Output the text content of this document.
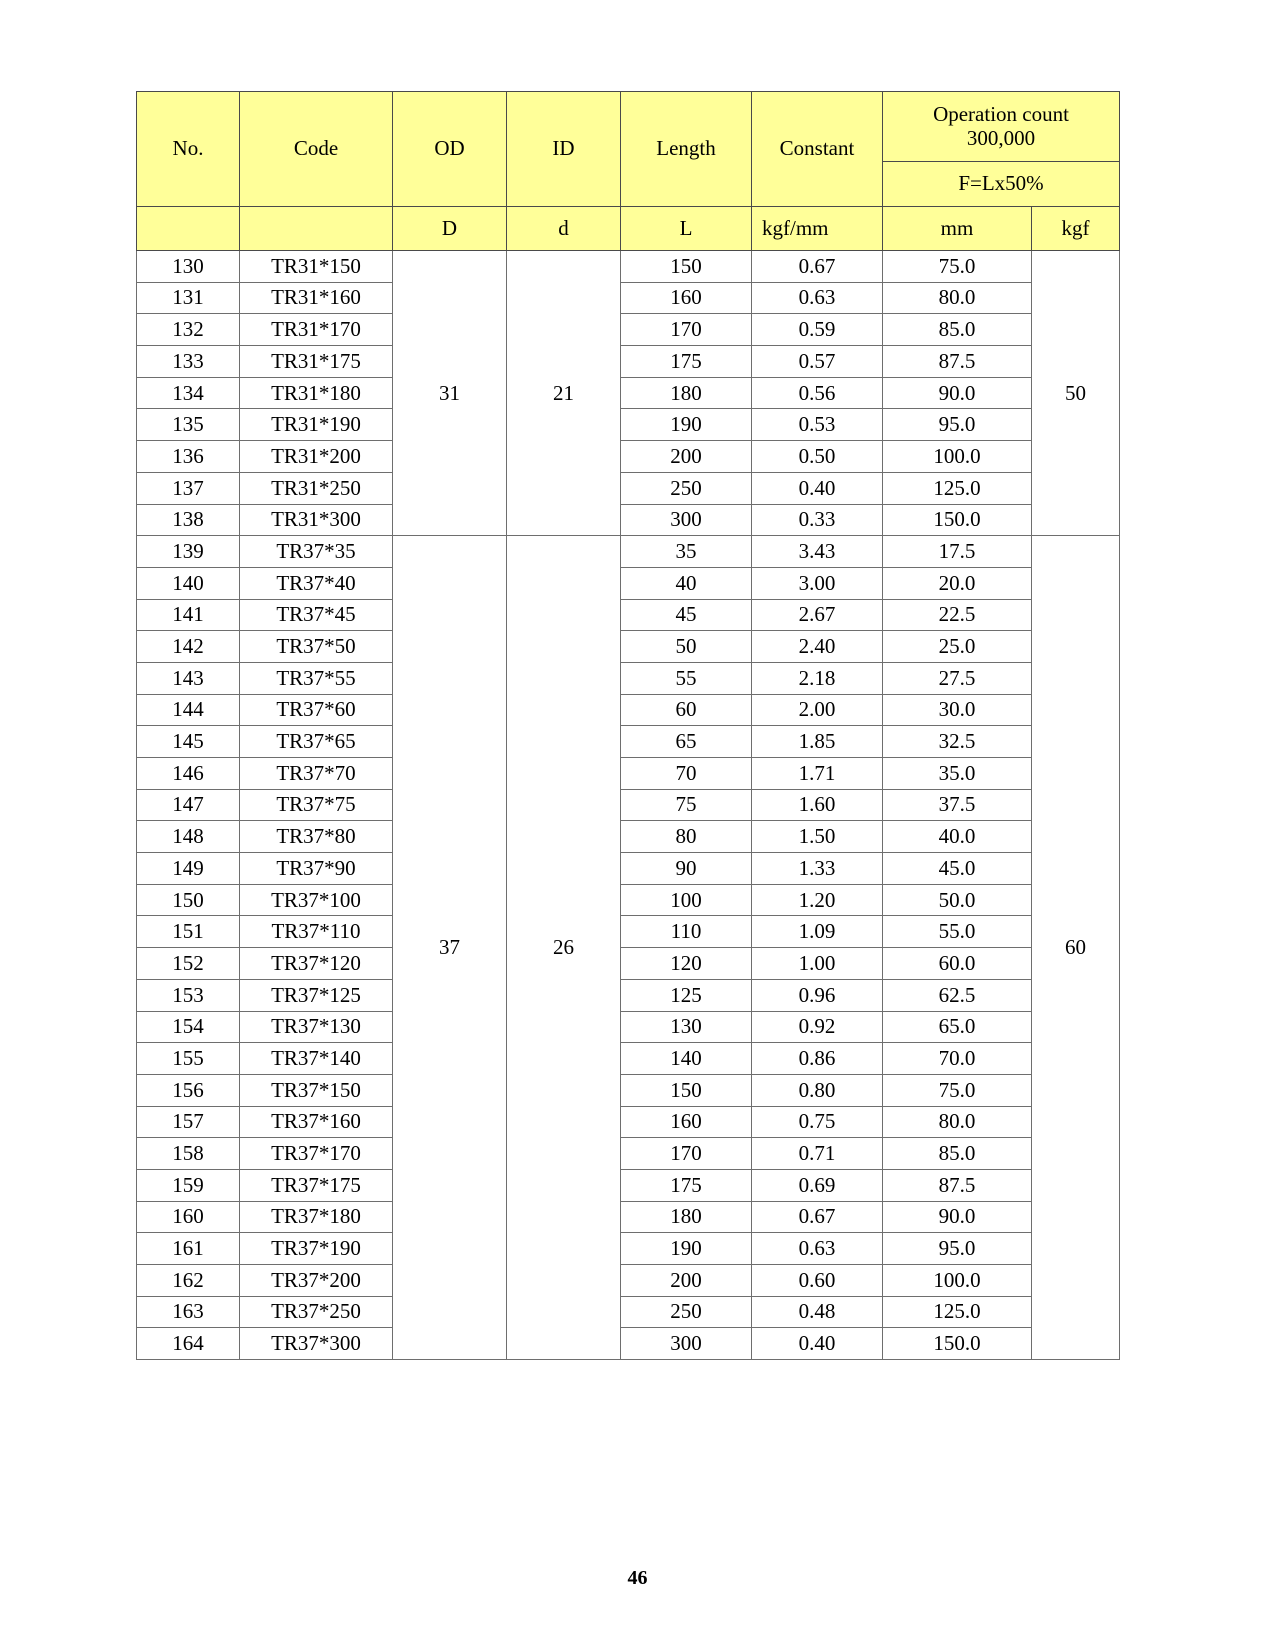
No.	Code	OD	ID	Length	Constant	Operation count
300,000	

						F=Lx50%	
		D	d	L	kgf/mm	mm	kgf
130	TR31*150	31	21	150	0.67	75.0	50
131	TR31*160			160	0.63	80.0	
132	TR31*170			170	0.59	85.0	
133	TR31*175			175	0.57	87.5	
134	TR31*180			180	0.56	90.0	
135	TR31*190			190	0.53	95.0	
136	TR31*200			200	0.50	100.0	
137	TR31*250			250	0.40	125.0	
138	TR31*300			300	0.33	150.0	
139	TR37*35	37	26	35	3.43	17.5	60
140	TR37*40			40	3.00	20.0	
141	TR37*45			45	2.67	22.5	
142	TR37*50			50	2.40	25.0	
143	TR37*55			55	2.18	27.5	
144	TR37*60			60	2.00	30.0	
145	TR37*65			65	1.85	32.5	
146	TR37*70			70	1.71	35.0	
147	TR37*75			75	1.60	37.5	
148	TR37*80			80	1.50	40.0	
149	TR37*90			90	1.33	45.0	
150	TR37*100			100	1.20	50.0	
151	TR37*110			110	1.09	55.0	
152	TR37*120			120	1.00	60.0	
153	TR37*125			125	0.96	62.5	
154	TR37*130			130	0.92	65.0	
155	TR37*140			140	0.86	70.0	
156	TR37*150			150	0.80	75.0	
157	TR37*160			160	0.75	80.0	
158	TR37*170			170	0.71	85.0	
159	TR37*175			175	0.69	87.5	
160	TR37*180			180	0.67	90.0	
161	TR37*190			190	0.63	95.0	
162	TR37*200			200	0.60	100.0	
163	TR37*250			250	0.48	125.0	
164	TR37*300			300	0.40	150.0	
46
